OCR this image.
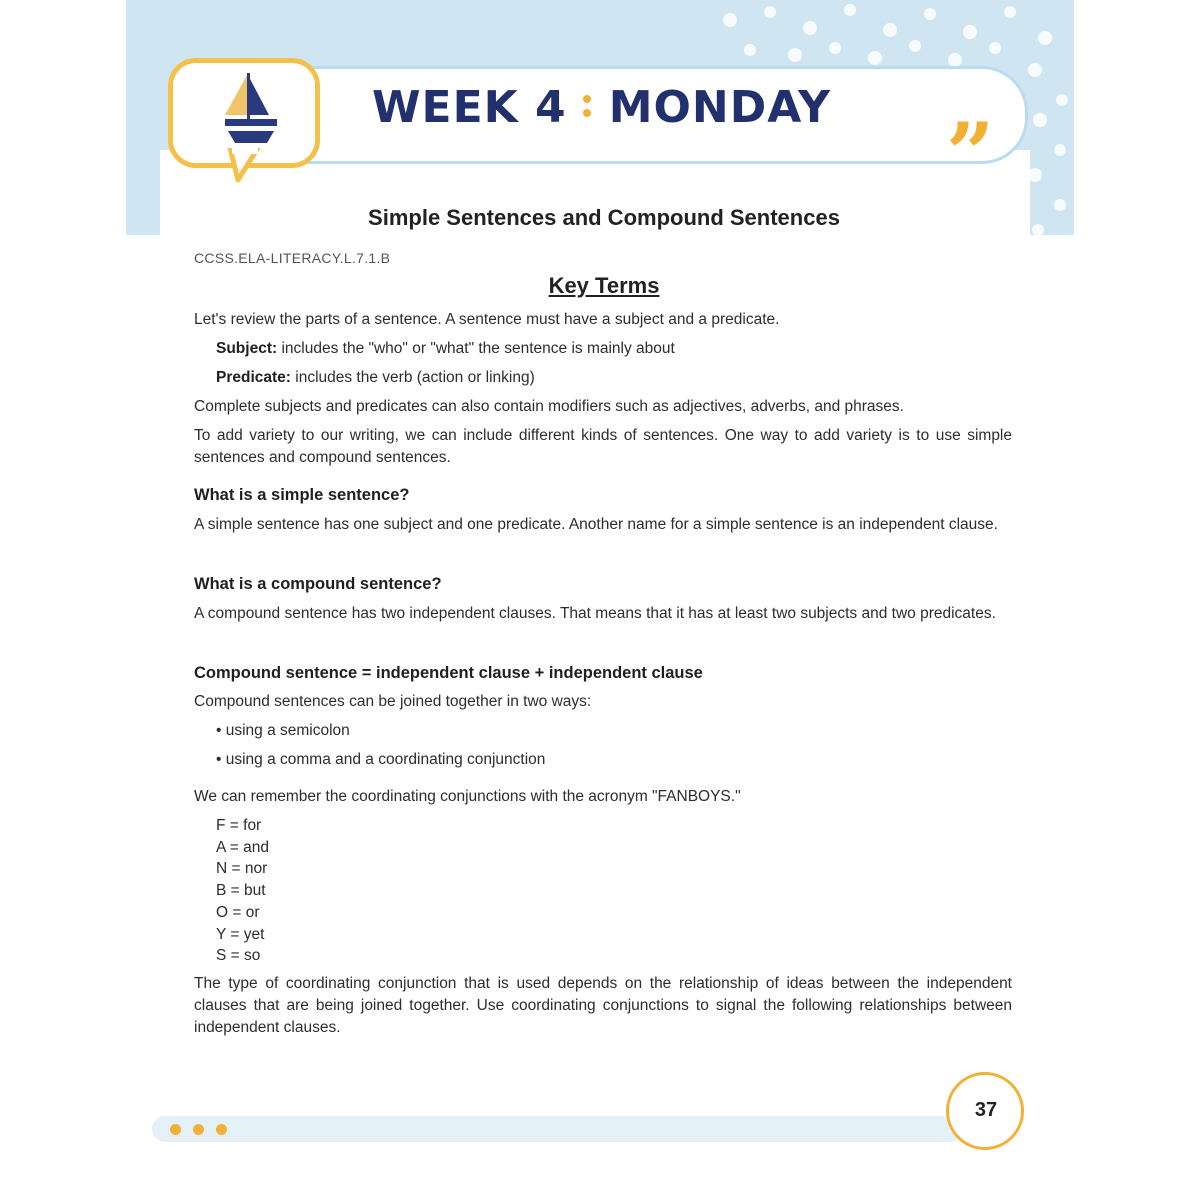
WEEK 4 MONDAY ”
Simple Sentences and Compound Sentences
CCSS.ELA-LITERACY.L.7.1.B
Key Terms
Let's review the parts of a sentence. A sentence must have a subject and a predicate.
Subject: includes the "who" or "what" the sentence is mainly about
Predicate: includes the verb (action or linking)
Complete subjects and predicates can also contain modifiers such as adjectives, adverbs, and phrases.
To add variety to our writing, we can include different kinds of sentences. One way to add variety is to use simple sentences and compound sentences.
What is a simple sentence?
A simple sentence has one subject and one predicate. Another name for a simple sentence is an independent clause.
What is a compound sentence?
A compound sentence has two independent clauses. That means that it has at least two subjects and two predicates.
Compound sentence = independent clause + independent clause
Compound sentences can be joined together in two ways:
• using a semicolon
• using a comma and a coordinating conjunction
We can remember the coordinating conjunctions with the acronym "FANBOYS."
F = for
A = and
N = nor
B = but
O = or
Y = yet
S = so
The type of coordinating conjunction that is used depends on the relationship of ideas between the independent clauses that are being joined together. Use coordinating conjunctions to signal the following relationships between independent clauses.
37
